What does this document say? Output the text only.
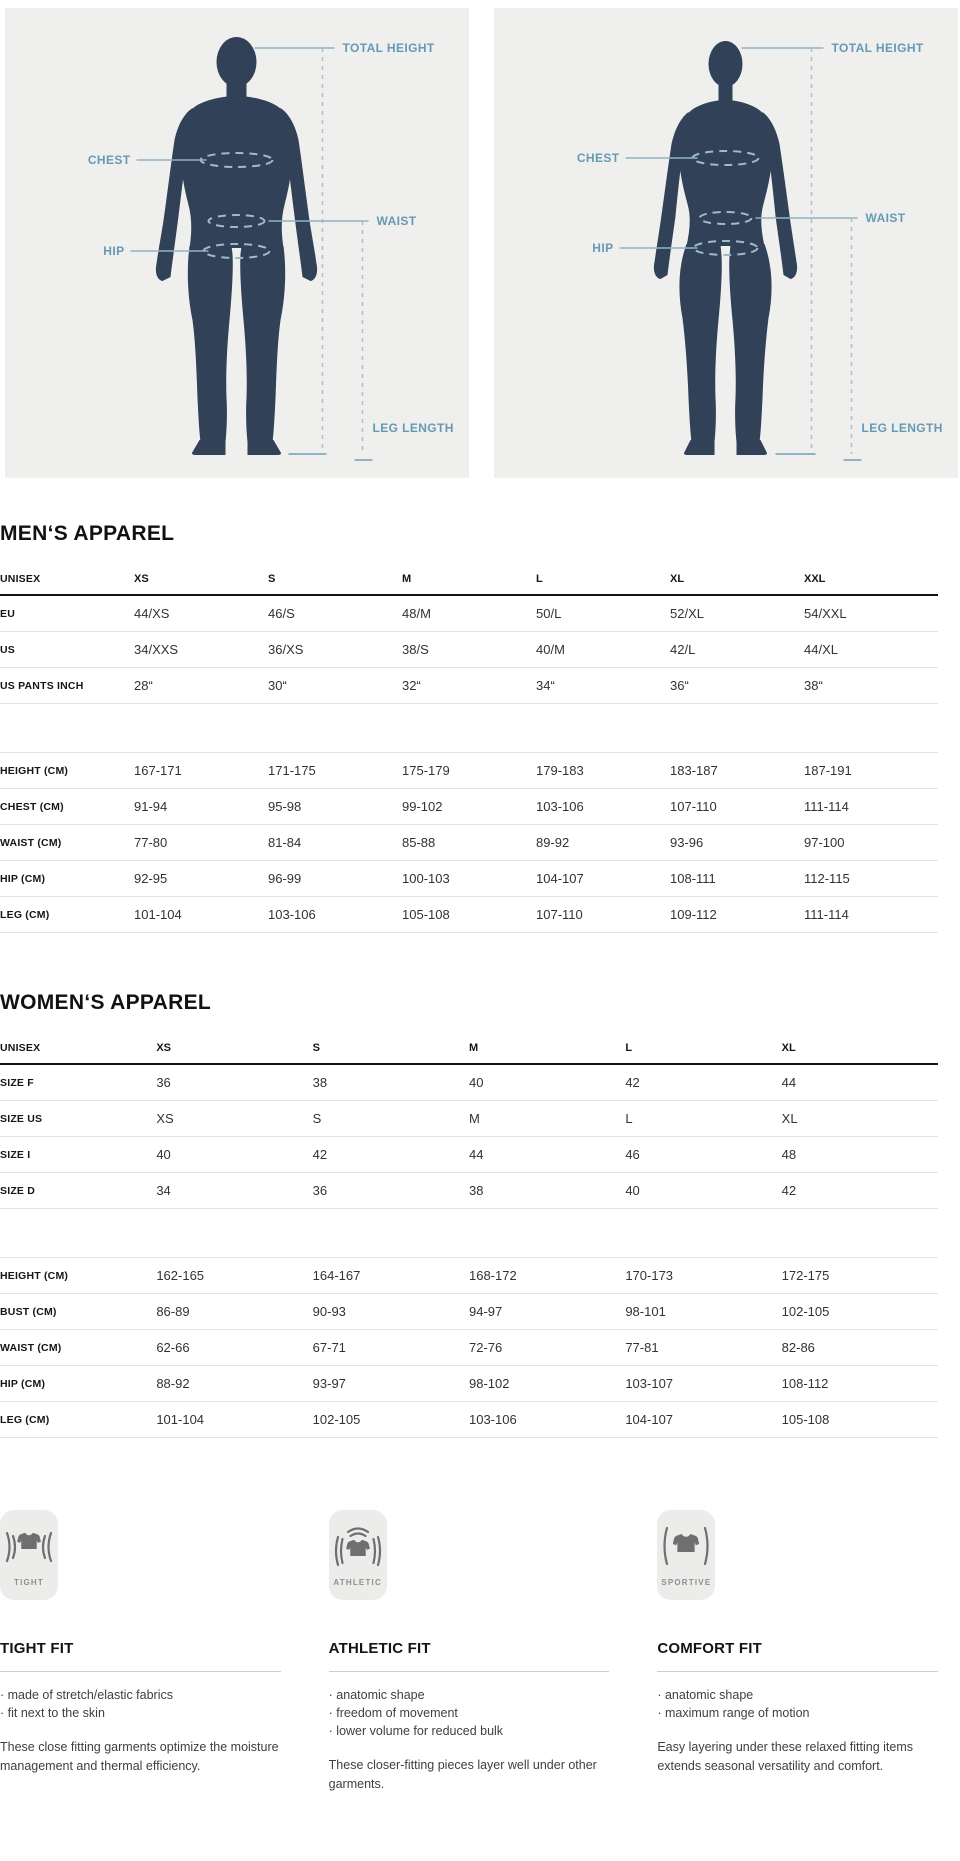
TOTAL HEIGHT
CHEST
WAIST
HIP
LEG LENGTH
TOTAL HEIGHT
CHEST
WAIST
HIP
LEG LENGTH
MEN‘S APPAREL
UNISEX	XS	S	M	L	XL	XXL
EU	44/XS	46/S	48/M	50/L	52/XL	54/XXL
US	34/XXS	36/XS	38/S	40/M	42/L	44/XL
US PANTS INCH	28“	30“	32“	34“	36“	38“
HEIGHT (CM)	167-171	171-175	175-179	179-183	183-187	187-191
CHEST (CM)	91-94	95-98	99-102	103-106	107-110	111-114
WAIST (CM)	77-80	81-84	85-88	89-92	93-96	97-100
HIP (CM)	92-95	96-99	100-103	104-107	108-111	112-115
LEG (CM)	101-104	103-106	105-108	107-110	109-112	111-114
WOMEN‘S APPAREL
UNISEX	XS	S	M	L	XL
SIZE F	36	38	40	42	44
SIZE US	XS	S	M	L	XL
SIZE I	40	42	44	46	48
SIZE D	34	36	38	40	42
HEIGHT (CM)	162-165	164-167	168-172	170-173	172-175
BUST (CM)	86-89	90-93	94-97	98-101	102-105
WAIST (CM)	62-66	67-71	72-76	77-81	82-86
HIP (CM)	88-92	93-97	98-102	103-107	108-112
LEG (CM)	101-104	102-105	103-106	104-107	105-108
TIGHT
TIGHT FIT
· made of stretch/elastic fabrics
· fit next to the skin

These close fitting garments optimize the moisture management and thermal efficiency.

ATHLETIC
ATHLETIC FIT
· anatomic shape
· freedom of movement
· lower volume for reduced bulk

These closer-fitting pieces layer well under other garments.

SPORTIVE
COMFORT FIT
· anatomic shape
· maximum range of motion

Easy layering under these relaxed fitting items extends seasonal versatility and comfort.
